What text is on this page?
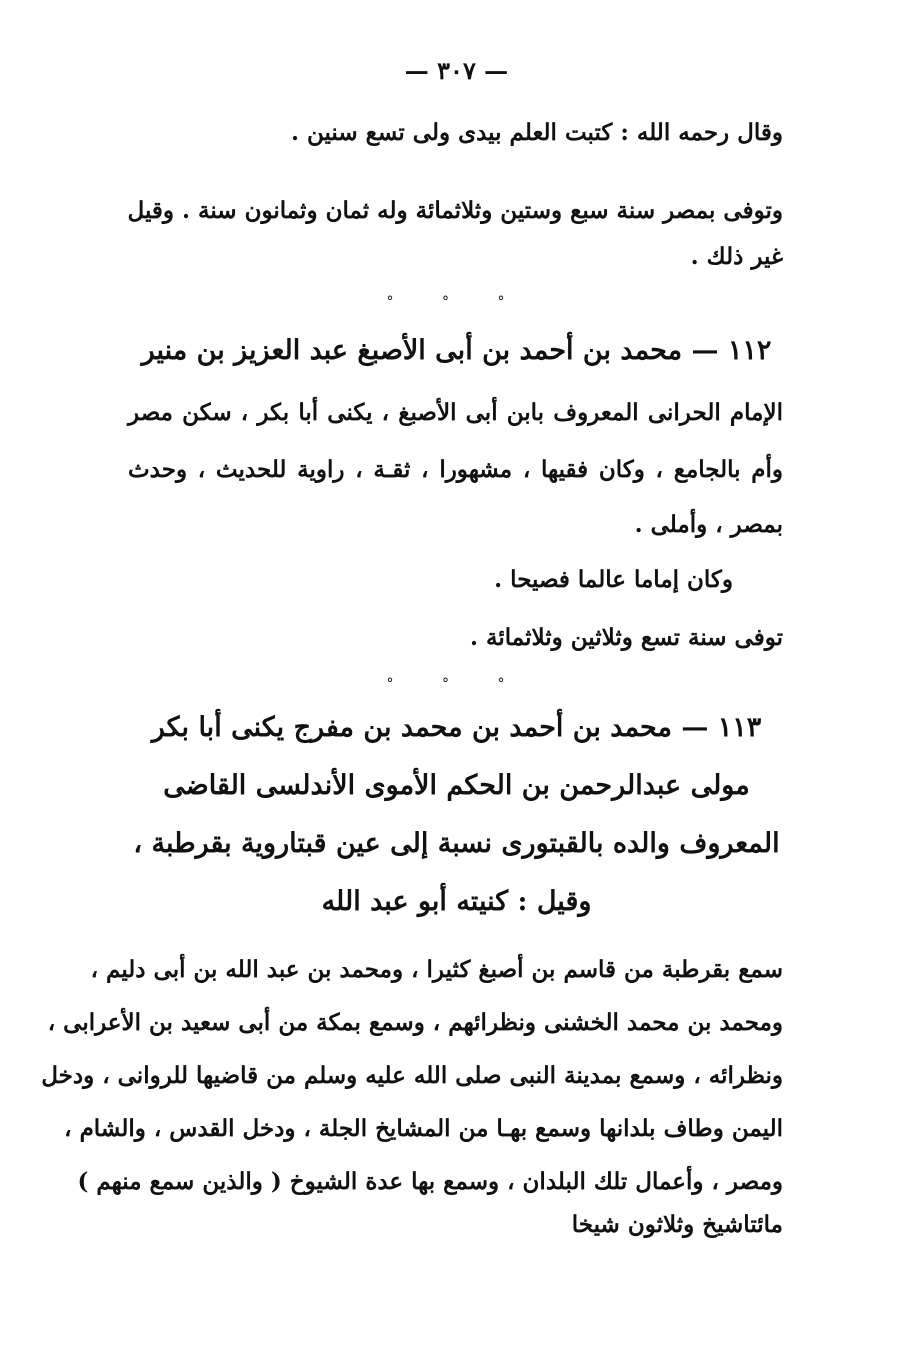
— ٣٠٧ —
وقال رحمه الله : كتبت العلم بيدى ولى تسع سنين .
وتوفى بمصر سنة سبع وستين وثلاثمائة وله ثمان وثمانون سنة . وقيل
غير ذلك .
° ° °
١١٢ — محمد بن أحمد بن أبى الأصبغ عبد العزيز بن منير
الإمام الحرانى المعروف بابن أبى الأصبغ ، يكنى أبا بكر ، سكن مصر
وأم بالجامع ، وكان فقيها ، مشهورا ، ثقـة ، راوية للحديث ، وحدث
بمصر ، وأملى .
وكان إماما عالما فصيحا .
توفى سنة تسع وثلاثين وثلاثمائة .
° ° °
١١٣ — محمد بن أحمد بن محمد بن مفرج يكنى أبا بكر
مولى عبدالرحمن بن الحكم الأموى الأندلسى القاضى
المعروف والده بالقبتورى نسبة إلى عين قبتاروية بقرطبة ،
وقيل : كنيته أبو عبد الله
سمع بقرطبة من قاسم بن أصبغ كثيرا ، ومحمد بن عبد الله بن أبى دليم ،
ومحمد بن محمد الخشنى ونظرائهم ، وسمع بمكة من أبى سعيد بن الأعرابى ،
ونظرائه ، وسمع بمدينة النبى صلى الله عليه وسلم من قاضيها للروانى ، ودخل
اليمن وطاف بلدانها وسمع بهـا من المشايخ الجلة ، ودخل القدس ، والشام ،
ومصر ، وأعمال تلك البلدان ، وسمع بها عدة الشيوخ ( والذين سمع منهم )
مائتاشيخ وثلاثون شيخا
